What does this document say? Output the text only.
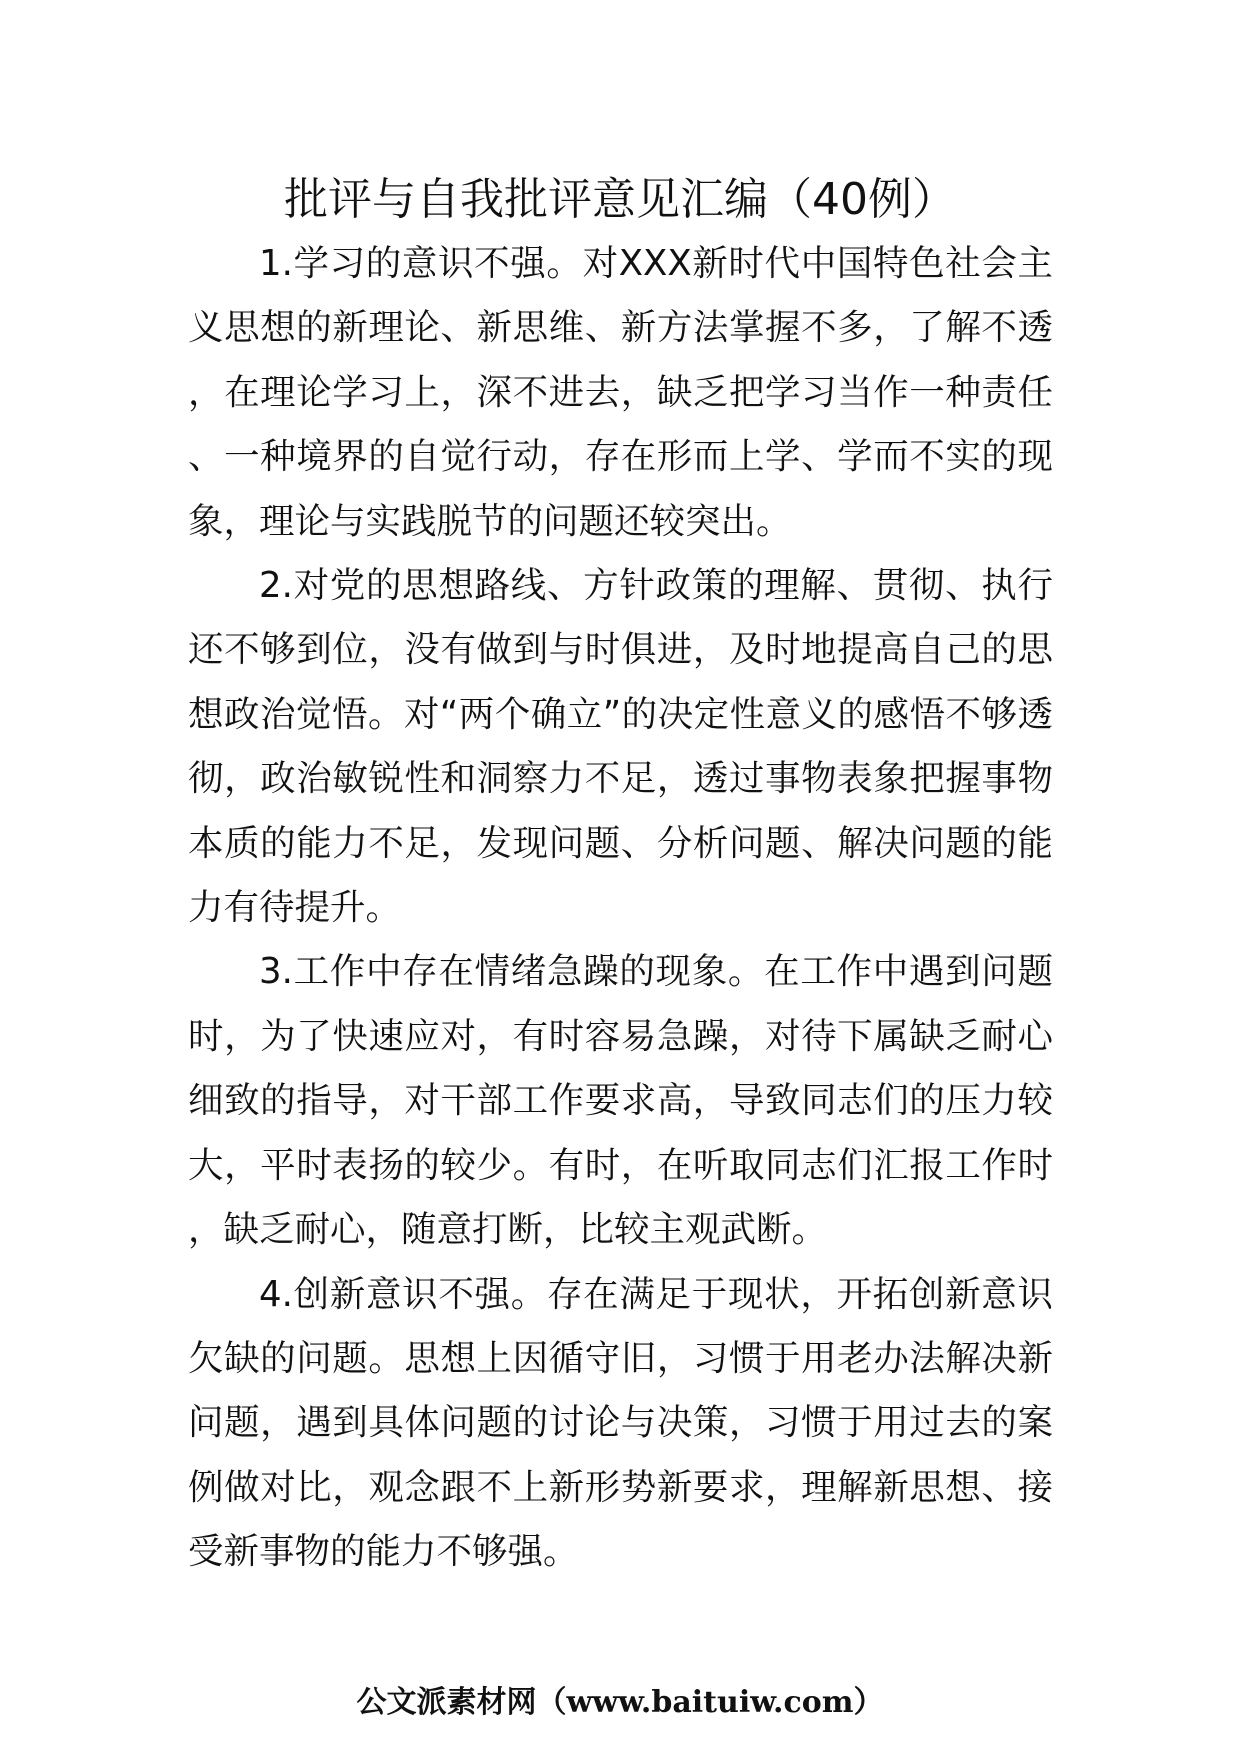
批评与自我批评意见汇编（40例）

1.学习的意识不强。对XXX新时代中国特色社会主义思想的新理论、新思维、新方法掌握不多，了解不透，在理论学习上，深不进去，缺乏把学习当作一种责任、一种境界的自觉行动，存在形而上学、学而不实的现象，理论与实践脱节的问题还较突出。

2.对党的思想路线、方针政策的理解、贯彻、执行还不够到位，没有做到与时俱进，及时地提高自己的思想政治觉悟。对“两个确立”的决定性意义的感悟不够透彻，政治敏锐性和洞察力不足，透过事物表象把握事物本质的能力不足，发现问题、分析问题、解决问题的能力有待提升。

3.工作中存在情绪急躁的现象。在工作中遇到问题时，为了快速应对，有时容易急躁，对待下属缺乏耐心细致的指导，对干部工作要求高，导致同志们的压力较大，平时表扬的较少。有时，在听取同志们汇报工作时，缺乏耐心，随意打断，比较主观武断。

4.创新意识不强。存在满足于现状，开拓创新意识欠缺的问题。思想上因循守旧，习惯于用老办法解决新问题，遇到具体问题的讨论与决策，习惯于用过去的案例做对比，观念跟不上新形势新要求，理解新思想、接受新事物的能力不够强。

公文派素材网（www.baituiw.com）
